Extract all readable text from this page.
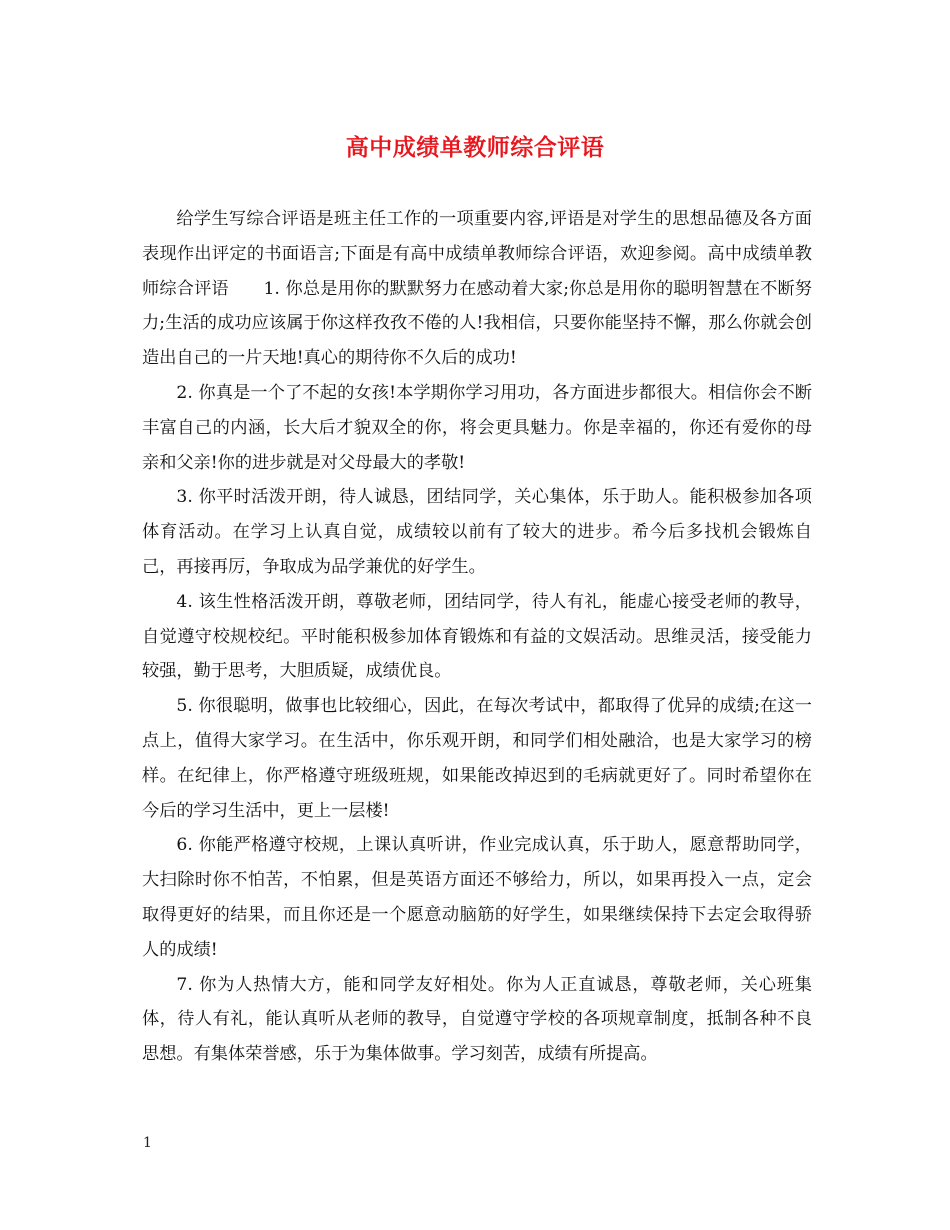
高中成绩单教师综合评语

给学生写综合评语是班主任工作的一项重要内容,评语是对学生的思想品德及各方面表现作出评定的书面语言;下面是有高中成绩单教师综合评语，欢迎参阅。高中成绩单教师综合评语　　1. 你总是用你的默默努力在感动着大家;你总是用你的聪明智慧在不断努力;生活的成功应该属于你这样孜孜不倦的人!我相信，只要你能坚持不懈，那么你就会创造出自己的一片天地!真心的期待你不久后的成功!

2. 你真是一个了不起的女孩!本学期你学习用功，各方面进步都很大。相信你会不断丰富自己的内涵，长大后才貌双全的你，将会更具魅力。你是幸福的，你还有爱你的母亲和父亲!你的进步就是对父母最大的孝敬!

3. 你平时活泼开朗，待人诚恳，团结同学，关心集体，乐于助人。能积极参加各项体育活动。在学习上认真自觉，成绩较以前有了较大的进步。希今后多找机会锻炼自己，再接再厉，争取成为品学兼优的好学生。

4. 该生性格活泼开朗，尊敬老师，团结同学，待人有礼，能虚心接受老师的教导，自觉遵守校规校纪。平时能积极参加体育锻炼和有益的文娱活动。思维灵活，接受能力较强，勤于思考，大胆质疑，成绩优良。

5. 你很聪明，做事也比较细心，因此，在每次考试中，都取得了优异的成绩;在这一点上，值得大家学习。在生活中，你乐观开朗，和同学们相处融洽，也是大家学习的榜样。在纪律上，你严格遵守班级班规，如果能改掉迟到的毛病就更好了。同时希望你在今后的学习生活中，更上一层楼!

6. 你能严格遵守校规，上课认真听讲，作业完成认真，乐于助人，愿意帮助同学，大扫除时你不怕苦，不怕累，但是英语方面还不够给力，所以，如果再投入一点，定会取得更好的结果，而且你还是一个愿意动脑筋的好学生，如果继续保持下去定会取得骄人的成绩!

7. 你为人热情大方，能和同学友好相处。你为人正直诚恳，尊敬老师，关心班集体，待人有礼，能认真听从老师的教导，自觉遵守学校的各项规章制度，抵制各种不良思想。有集体荣誉感，乐于为集体做事。学习刻苦，成绩有所提高。

1
